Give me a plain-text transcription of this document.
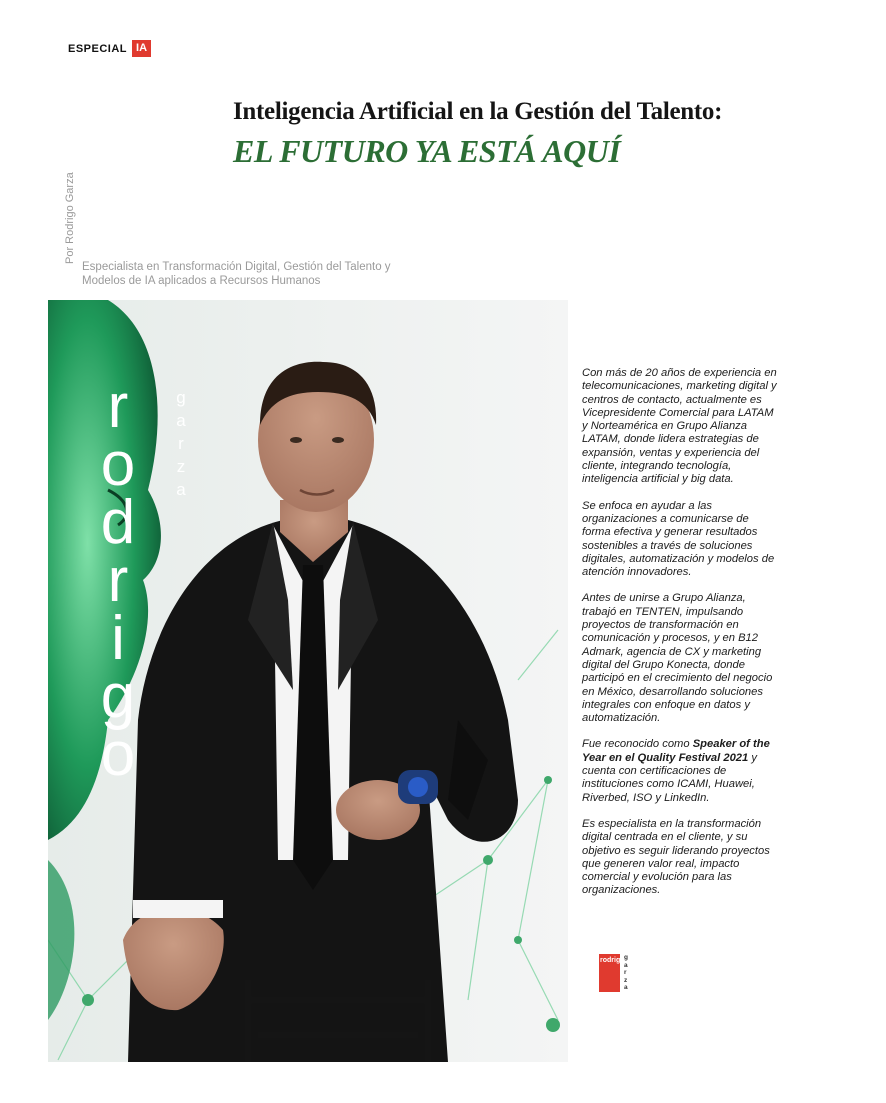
ESPECIAL IA
Inteligencia Artificial en la Gestión del Talento:
EL FUTURO YA ESTÁ AQUÍ
Por Rodrigo Garza
Especialista en Transformación Digital, Gestión del Talento y
Modelos de IA aplicados a Recursos Humanos
r
o
d
r
i
g
o
g
a
r
z
a

Con más de 20 años de experiencia en telecomunicaciones, marketing digital y centros de contacto, actualmente es Vicepresidente Comercial para LATAM y Norteamérica en Grupo Alianza LATAM, donde lidera estrategias de expansión, ventas y experiencia del cliente, integrando tecnología, inteligencia artificial y big data.

Se enfoca en ayudar a las organizaciones a comunicarse de forma efectiva y generar resultados sostenibles a través de soluciones digitales, automatización y modelos de atención innovadores.

Antes de unirse a Grupo Alianza, trabajó en TENTEN, impulsando proyectos de transformación en comunicación y procesos, y en B12 Admark, agencia de CX y marketing digital del Grupo Konecta, donde participó en el crecimiento del negocio en México, desarrollando soluciones integrales con enfoque en datos y automatización.

Fue reconocido como Speaker of the Year en el Quality Festival 2021 y cuenta con certificaciones de instituciones como ICAMI, Huawei, Riverbed, ISO y LinkedIn.

Es especialista en la transformación digital centrada en el cliente, y su objetivo es seguir liderando proyectos que generen valor real, impacto comercial y evolución para las organizaciones.

rodrigo g
a
r
z
a
